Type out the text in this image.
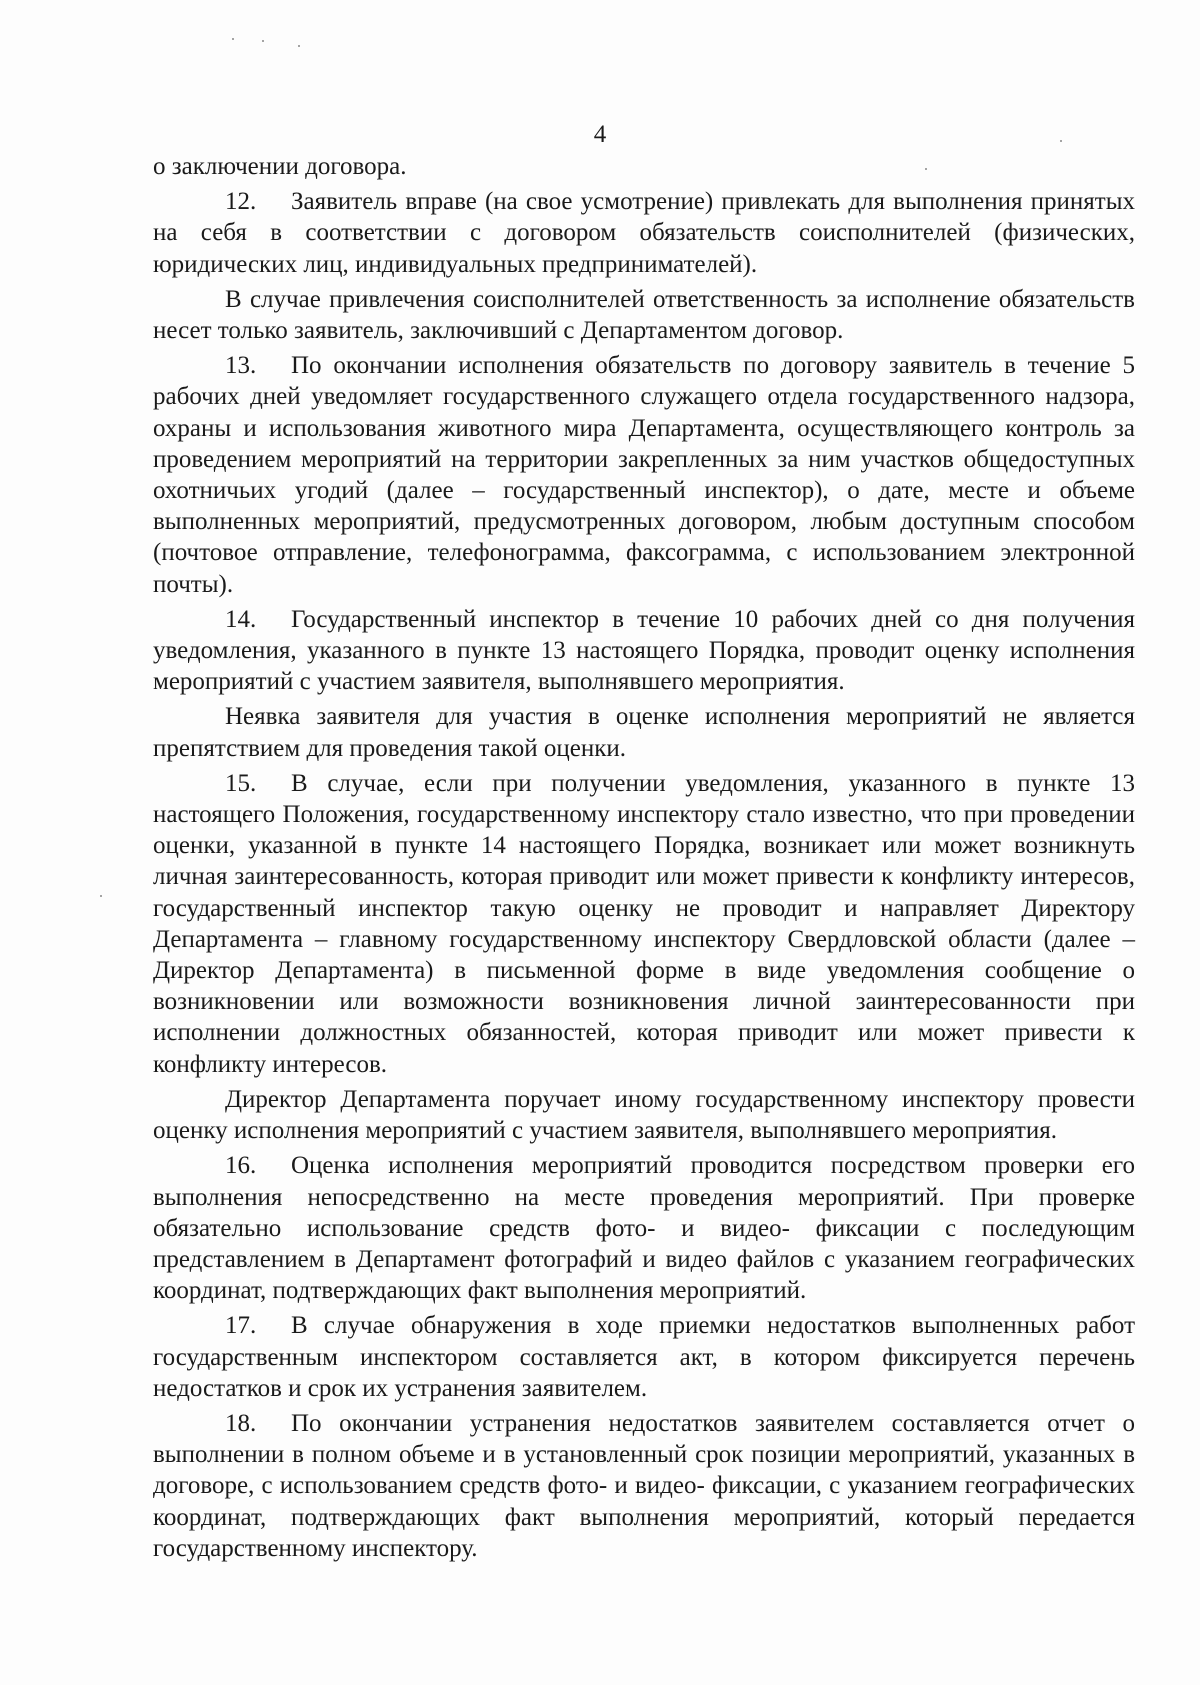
4

о заключении договора.

12. Заявитель вправе (на свое усмотрение) привлекать для выполнения принятых на себя в соответствии с договором обязательств соисполнителей (физических, юридических лиц, индивидуальных предпринимателей).

В случае привлечения соисполнителей ответственность за исполнение обязательств несет только заявитель, заключивший с Департаментом договор.

13. По окончании исполнения обязательств по договору заявитель в течение 5 рабочих дней уведомляет государственного служащего отдела государственного надзора, охраны и использования животного мира Департамента, осуществляющего контроль за проведением мероприятий на территории закрепленных за ним участков общедоступных охотничьих угодий (далее – государственный инспектор), о дате, месте и объеме выполненных мероприятий, предусмотренных договором, любым доступным способом (почтовое отправление, телефонограмма, факсограмма, с использованием электронной почты).

14. Государственный инспектор в течение 10 рабочих дней со дня получения уведомления, указанного в пункте 13 настоящего Порядка, проводит оценку исполнения мероприятий с участием заявителя, выполнявшего мероприятия.

Неявка заявителя для участия в оценке исполнения мероприятий не является препятствием для проведения такой оценки.

15. В случае, если при получении уведомления, указанного в пункте 13 настоящего Положения, государственному инспектору стало известно, что при проведении оценки, указанной в пункте 14 настоящего Порядка, возникает или может возникнуть личная заинтересованность, которая приводит или может привести к конфликту интересов, государственный инспектор такую оценку не проводит и направляет Директору Департамента – главному государственному инспектору Свердловской области (далее – Директор Департамента) в письменной форме в виде уведомления сообщение о возникновении или возможности возникновения личной заинтересованности при исполнении должностных обязанностей, которая приводит или может привести к конфликту интересов.

Директор Департамента поручает иному государственному инспектору провести оценку исполнения мероприятий с участием заявителя, выполнявшего мероприятия.

16. Оценка исполнения мероприятий проводится посредством проверки его выполнения непосредственно на месте проведения мероприятий. При проверке обязательно использование средств фото- и видео- фиксации с последующим представлением в Департамент фотографий и видео файлов с указанием географических координат, подтверждающих факт выполнения мероприятий.

17. В случае обнаружения в ходе приемки недостатков выполненных работ государственным инспектором составляется акт, в котором фиксируется перечень недостатков и срок их устранения заявителем.

18. По окончании устранения недостатков заявителем составляется отчет о выполнении в полном объеме и в установленный срок позиции мероприятий, указанных в договоре, с использованием средств фото- и видео- фиксации, с указанием географических координат, подтверждающих факт выполнения мероприятий, который передается государственному инспектору.
